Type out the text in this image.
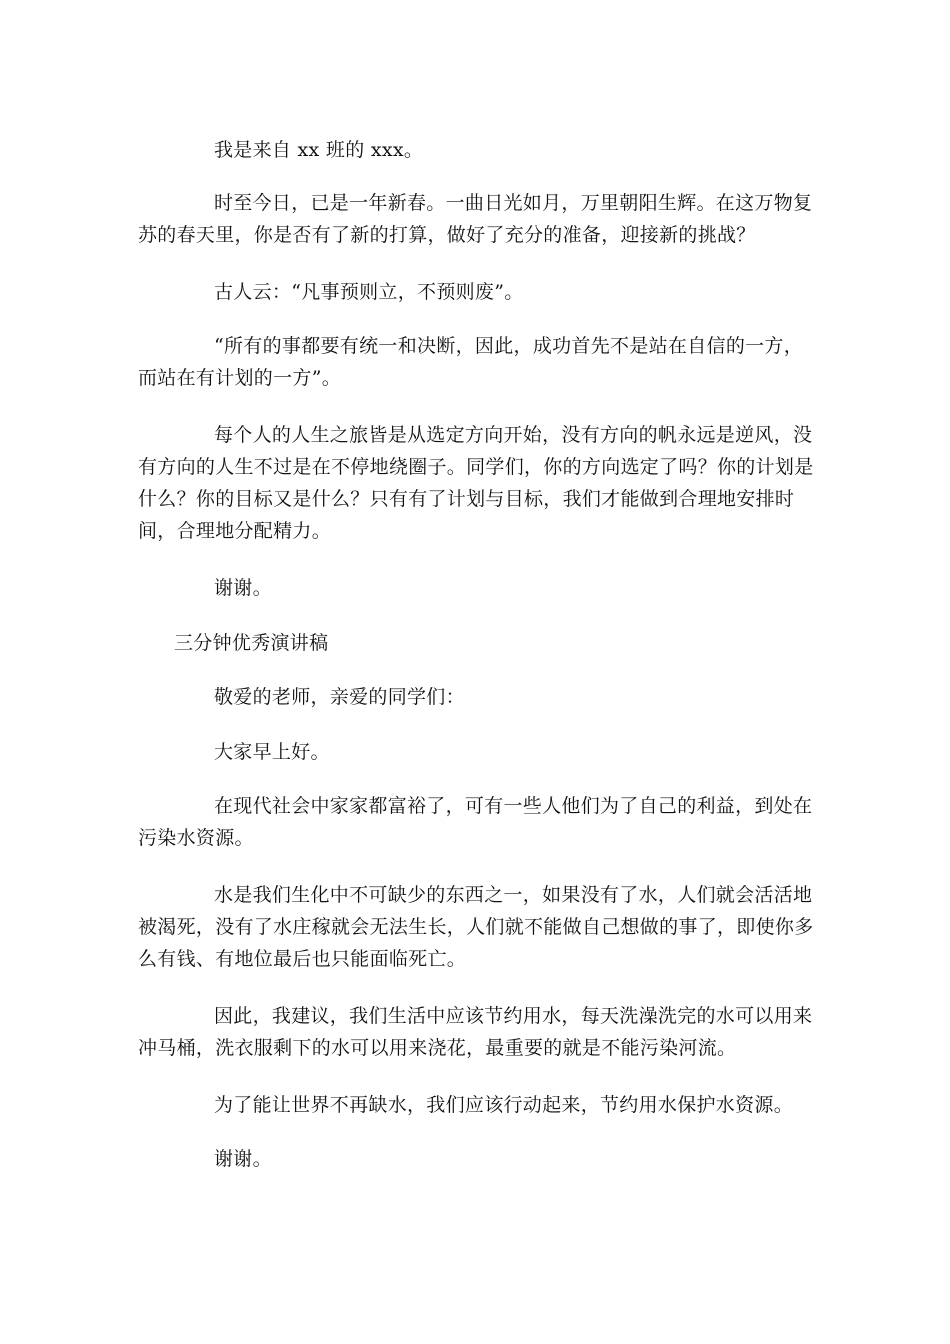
我是来自 xx 班的 xxx。

时至今日，已是一年新春。一曲日光如月，万里朝阳生辉。在这万物复苏的春天里，你是否有了新的打算，做好了充分的准备，迎接新的挑战？

古人云：“凡事预则立，不预则废”。

“所有的事都要有统一和决断，因此，成功首先不是站在自信的一方，而站在有计划的一方”。

每个人的人生之旅皆是从选定方向开始，没有方向的帆永远是逆风，没有方向的人生不过是在不停地绕圈子。同学们，你的方向选定了吗？你的计划是什么？你的目标又是什么？只有有了计划与目标，我们才能做到合理地安排时间，合理地分配精力。

谢谢。

三分钟优秀演讲稿

敬爱的老师，亲爱的同学们：

大家早上好。

在现代社会中家家都富裕了，可有一些人他们为了自己的利益，到处在污染水资源。

水是我们生化中不可缺少的东西之一，如果没有了水，人们就会活活地被渴死，没有了水庄稼就会无法生长，人们就不能做自己想做的事了，即使你多么有钱、有地位最后也只能面临死亡。

因此，我建议，我们生活中应该节约用水，每天洗澡洗完的水可以用来冲马桶，洗衣服剩下的水可以用来浇花，最重要的就是不能污染河流。

为了能让世界不再缺水，我们应该行动起来，节约用水保护水资源。

谢谢。
